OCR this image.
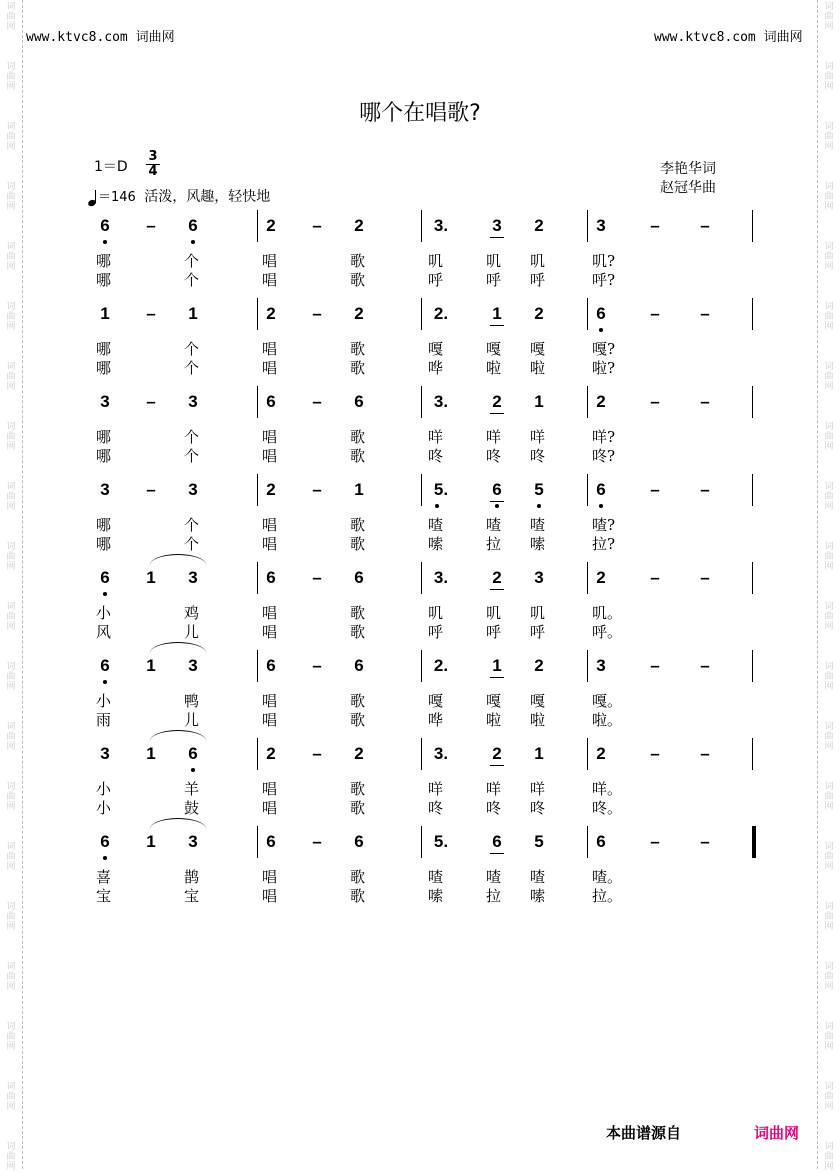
词曲网
词曲网
词曲网
词曲网
词曲网
词曲网
词曲网
词曲网
词曲网
词曲网
词曲网
词曲网
词曲网
词曲网
词曲网
词曲网
词曲网
词曲网
词曲网
词曲网
词曲网
词曲网
词曲网
词曲网
词曲网
词曲网
词曲网
词曲网
词曲网
词曲网
词曲网
词曲网
词曲网
词曲网
词曲网
词曲网
词曲网
词曲网
词曲网
词曲网
www.ktvc8.com 词曲网	www.ktvc8.com 词曲网
哪个在唱歌?
1＝D
3
4
＝146 活泼，风趣，轻快地
李艳华词
赵冠华曲
6 – 6	2 – 2	3.	3 2	3	– –
哪	个	唱	歌	叽	叽 叽	叽?
哪	个	唱	歌	呼	呼 呼	呼?
1 – 1	2 – 2	2.	1 2	6	– –
哪	个	唱	歌	嘎	嘎 嘎	嘎?
哪	个	唱	歌	哗	啦 啦	啦?
3 – 3	6 – 6	3.	2 1	2	– –
哪	个	唱	歌	咩	咩 咩	咩?
哪	个	唱	歌	咚	咚 咚	咚?
3 – 3	2 – 1	5.	6 5	6	– –
哪	个	唱	歌	喳	喳 喳	喳?
哪	个	唱	歌	嗦	拉 嗦	拉?
6 1 3	6 – 6	3.	2 3	2	– –
小	鸡	唱	歌	叽	叽 叽	叽。
风	儿	唱	歌	呼	呼 呼	呼。
6 1 3	6 – 6	2.	1 2	3	– –
小	鸭	唱	歌	嘎	嘎 嘎	嘎。
雨	儿	唱	歌	哗	啦 啦	啦。
3 1 6	2 – 2	3.	2 1	2	– –
小	羊	唱	歌	咩	咩 咩	咩。
小	鼓	唱	歌	咚	咚 咚	咚。
6 1 3	6 – 6	5.	6 5	6	– –
喜	鹊	唱	歌	喳	喳 喳	喳。
宝	宝	唱	歌	嗦	拉 嗦	拉。
本曲谱源自	词曲网
